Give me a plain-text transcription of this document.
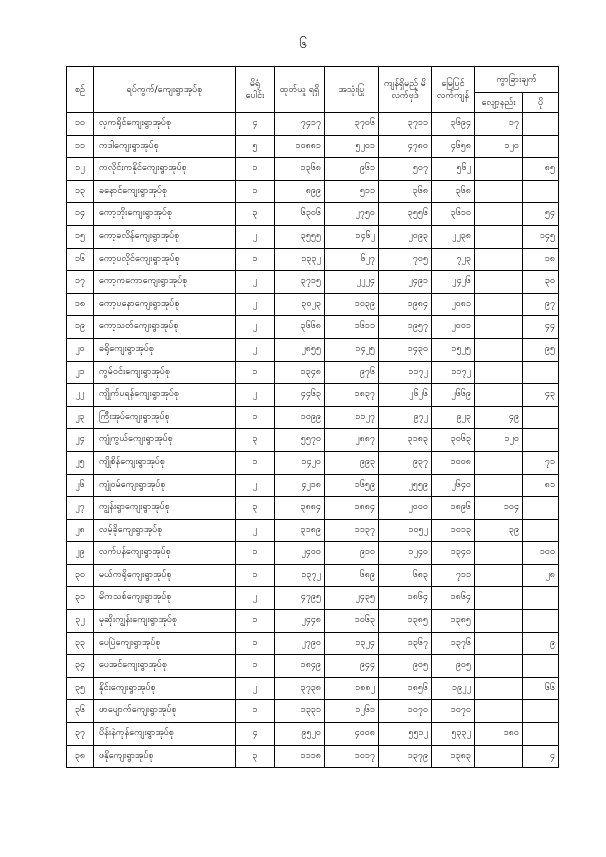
၆
စဉ်	ရပ်ကွက်/ကျေးရွာအုပ်စု	မိရုံ ပေါင်း	ထုတ်ယူ ရရှိ	အသုံးပြု	ကျန်ရှိမည့် မိလက်ဗုဒ်	မြေပြင် လက်ကျန်	ကွာခြားချက်	
							လျော့နည်း	ပို
၁၀	လှကရိုင်ကျေးရွာအုပ်စု	၄	၇၄၁၇	၃၇၀၆	၃၇၁၁	၃၆၉၄	၁၇	
၁၁	ကဒါကျေးရွာအုပ်စု	၅	၁၀၈၈၁	၅၂၀၁	၄၇၈၀	၄၆၅၈	၁၂၀	
၁၂	ကလိုင်းကနိုင်ကျေးရွာအုပ်စု	၁	၁၃၆၈	၉၆၁	၅၀၇	၅၆၂		၈၅
၁၃	ခနောင်ကျေးရွာအုပ်စု	၁	၈၉၉	၅၁၁	၃၆၈	၃၆၈		
၁၄	ကော့ဘိုးကျေးရွာအုပ်စု	၃	၆၃၀၆	၂၇၅၀	၃၅၅၆	၃၆၁၀		၅၄
၁၅	ကော့ခလိန်ကျေးရွာအုပ်စု	၂	၃၅၅၅	၁၄၆၂	၂၀၉၃	၂၂၃၈		၁၄၅
၁၆	ကော့ပလိုင်ကျေးရွာအုပ်စု	၁	၁၃၃၂	၆၂၇	၇၀၅	၇၂၃		၁၈
၁၇	ကော့ကကောကျေးရွာအုပ်စု	၂	၃၇၁၅	၂၂၂၄	၂၄၉၁	၂၄၂၆		၃၀
၁၈	ကော့ပနောကျေးရွာအုပ်စု	၂	၃၀၂၃	၁၀၃၉	၁၉၈၄	၂၀၈၁		၉၇
၁၉	ကော့သတ်ကျေးရွာအုပ်စု	၂	၃၆၆၈	၁၆၁၁	၁၉၅၇	၂၀၀၁		၄၄
၂၀	ခရိုကျေးရွာအုပ်စု	၂	၂၈၅၅	၁၄၂၅	၁၄၃၀	၁၅၂၅		၉၅
၂၁	ကွမ်ဝင်းကျေးရွာအုပ်စု	၁	၁၃၄၈	၉၇၆	၁၁၇၂	၁၁၇၂		
၂၂	ကျိုက်ပရန်ကျေးရွာအုပ်စု	၂	၄၄၆၃	၁၈၃၇	၂၆၂၆	၂၆၆၉		၄၃
၂၃	ကြီးအုပ်ကျေးရွာအုပ်စု	၁	၁၀၉၉	၁၁၂၇	၉၇၂	၉၂၃	၄၉	
၂၄	ကျုံကွယ်ကျေးရွာအုပ်စု	၃	၅၅၇၀	၂၈၈၇	၃၁၈၃	၃၀၆၃	၁၂၀	
၂၅	ကျိုစိန်ကျေးရွာအုပ်စု	၁	၁၄၂၀	၉၉၃	၉၃၇	၁၀၀၈		၇၁
၂၆	ကျုံဝမ်ကျေးရွာအုပ်စု	၂	၄၂၁၈	၁၆၅၉	၂၅၅၉	၂၆၄၀		၈၁
၂၇	ကျွန်းရွာကျေးရွာအုပ်စု	၃	၃၈၈၄	၁၈၈၄	၂၀၀၀	၁၈၉၆	၁၀၄	
၂၈	လမ့်ခိုကျေးရွာအုပ်စု	၂	၃၁၈၉	၁၁၃၇	၁၀၅၂	၁၀၁၃	၃၉	
၂၉	လက်ပန်ကျေးရွာအုပ်စု	၁	၂၄၀၀	၉၁၀	၁၂၄၀	၁၃၄၀		၁၀၀
၃၀	မယ်ကရိုကျေးရွာအုပ်စု	၁	၁၃၇၂	၆၈၉	၆၈၃	၇၁၁		၂၈
၃၁	မိကသစ်ကျေးရွာအုပ်စု	၂	၄၇၉၅	၂၄၃၅	၁၈၆၄	၁၈၆၄		
၃၂	မုဆိုးကျွန်းကျေးရွာအုပ်စု	၁	၂၄၄၈	၁၀၆၃	၁၃၈၅	၁၃၈၅		
၃၃	ပေပြဲကျေးရွာအုပ်စု	၁	၂၇၉၀	၁၃၂၄	၁၃၆၇	၁၃၇၆		၉
၃၄	ပေအင်ကျေးရွာအုပ်စု	၁	၁၈၄၉	၉၄၄	၉၀၅	၉၀၅		
၃၅	နိုင်းကျေးရွာအုပ်စု	၂	၃၇၃၈	၁၈၈၂	၁၈၅၆	၁၉၂၂		၆၆
၃၆	ဖာပျောက်ကျေးရွာအုပ်စု	၁	၁၃၃၁	၁၂၆၁	၁၀၇၀	၁၀၇၀		
၃၇	ပိန်းနဲကုန်ကျေးရွာအုပ်စု	၄	၉၅၂၀	၄၀၀၈	၅၅၁၂	၅၃၃၂	၁၈၀	
၃၈	ဖနိုကျေးရွာအုပ်စု	၃	၁၁၁၈	၁၀၁၇	၁၃၇၉	၁၃၈၃		၄
